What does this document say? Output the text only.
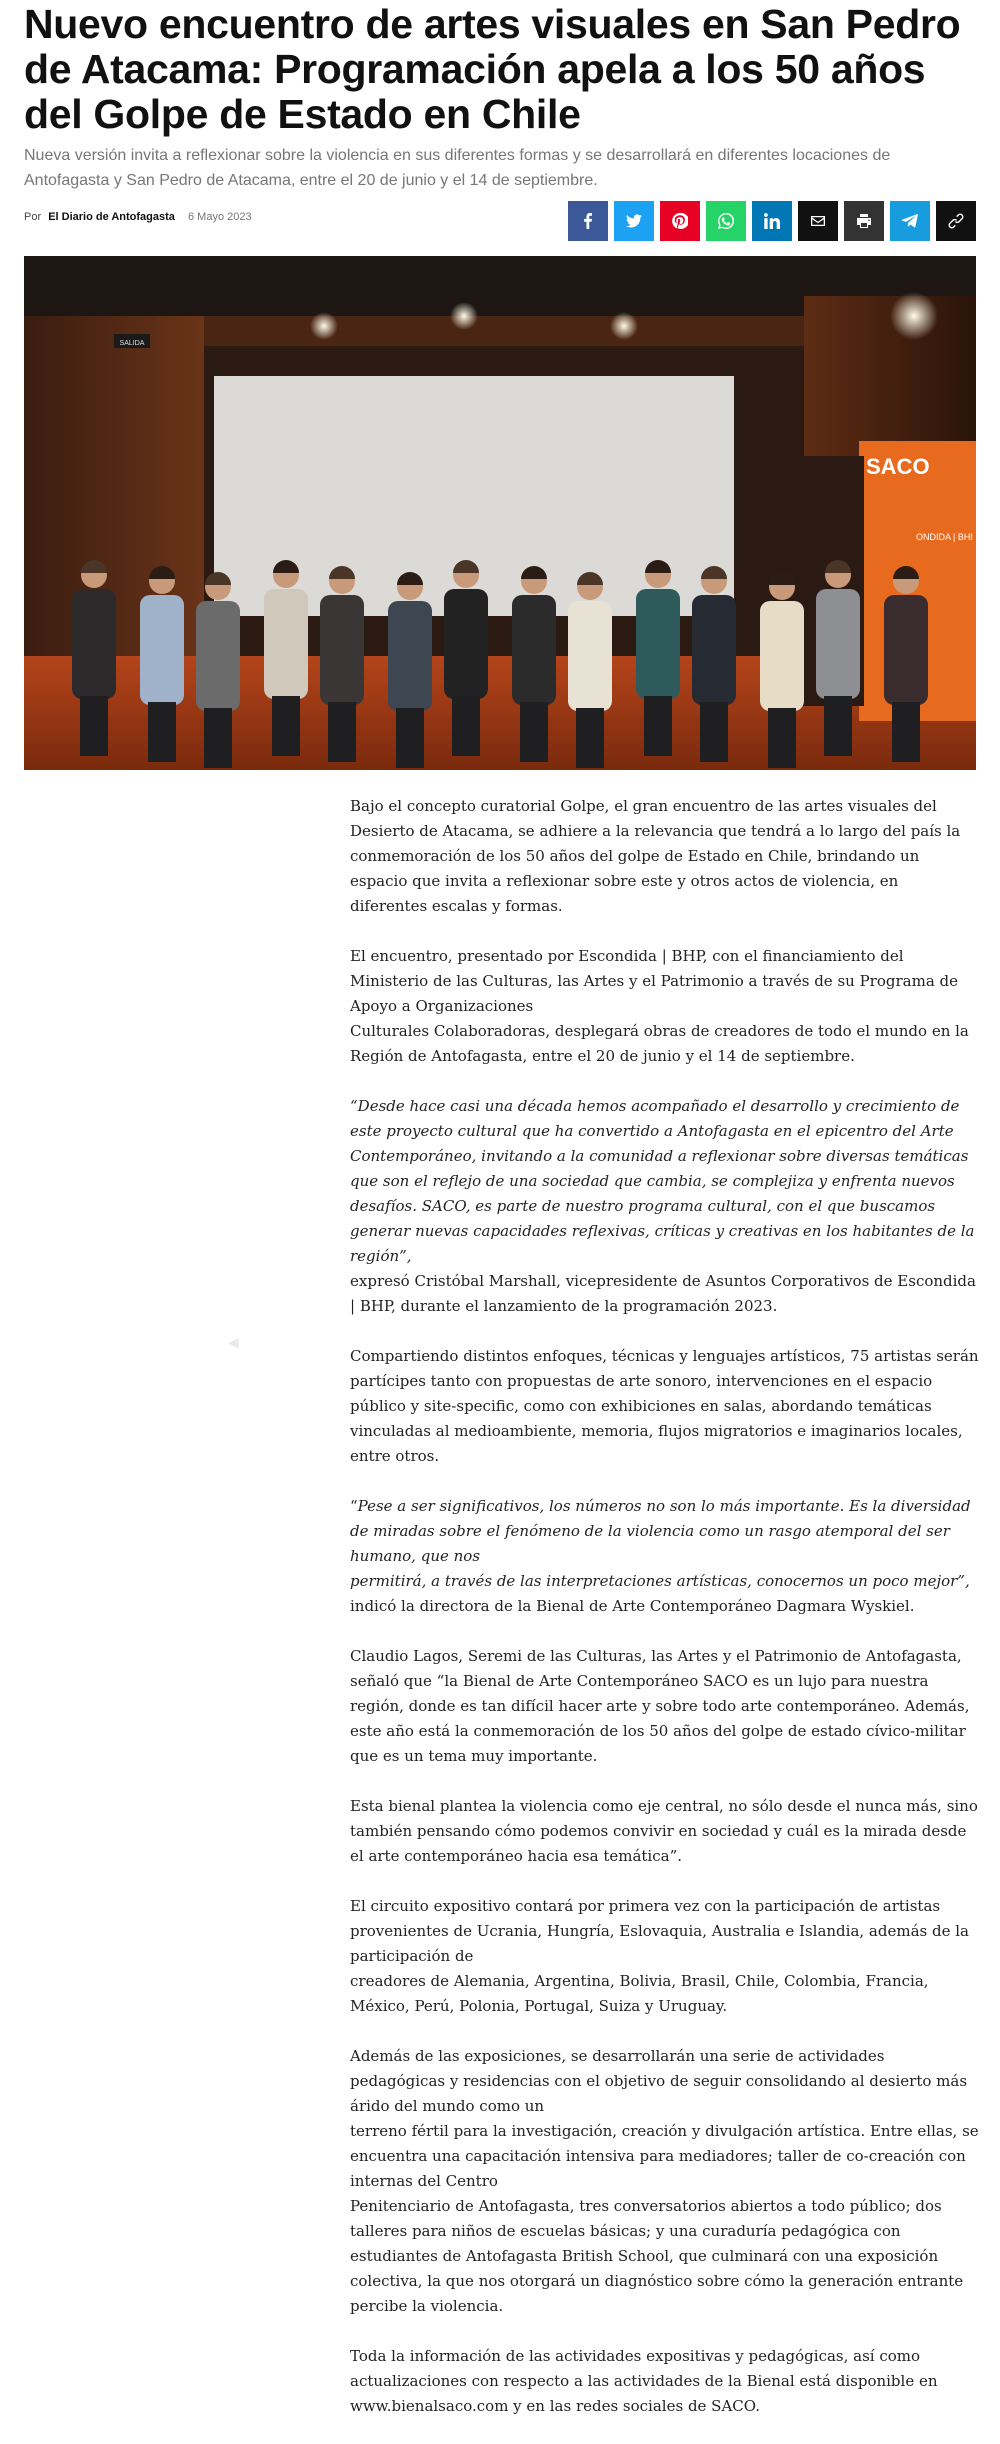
Nuevo encuentro de artes visuales en San Pedro de Atacama: Programación apela a los 50 años del Golpe de Estado en Chile

Nueva versión invita a reflexionar sobre la violencia en sus diferentes formas y se desarrollará en diferentes locaciones de Antofagasta y San Pedro de Atacama, entre el 20 de junio y el 14 de septiembre.

Por El Diario de Antofagasta 6 Mayo 2023
SALIDA
SACO
ONDIDA | BHI
◀

Bajo el concepto curatorial Golpe, el gran encuentro de las artes visuales del Desierto de Atacama, se adhiere a la relevancia que tendrá a lo largo del país la conmemoración de los 50 años del golpe de Estado en Chile, brindando un espacio que invita a reflexionar sobre este y otros actos de violencia, en diferentes escalas y formas.

El encuentro, presentado por Escondida | BHP, con el financiamiento del Ministerio de las Culturas, las Artes y el Patrimonio a través de su Programa de Apoyo a Organizaciones
Culturales Colaboradoras, desplegará obras de creadores de todo el mundo en la Región de Antofagasta, entre el 20 de junio y el 14 de septiembre.

“Desde hace casi una década hemos acompañado el desarrollo y crecimiento de este proyecto cultural que ha convertido a Antofagasta en el epicentro del Arte Contemporáneo, invitando a la comunidad a reflexionar sobre diversas temáticas que son el reflejo de una sociedad que cambia, se complejiza y enfrenta nuevos desafíos. SACO, es parte de nuestro programa cultural, con el que buscamos generar nuevas capacidades reflexivas, críticas y creativas en los habitantes de la región”,
expresó Cristóbal Marshall, vicepresidente de Asuntos Corporativos de Escondida | BHP, durante el lanzamiento de la programación 2023.

Compartiendo distintos enfoques, técnicas y lenguajes artísticos, 75 artistas serán partícipes tanto con propuestas de arte sonoro, intervenciones en el espacio público y site-specific, como con exhibiciones en salas, abordando temáticas vinculadas al medioambiente, memoria, flujos migratorios e imaginarios locales, entre otros.

“Pese a ser significativos, los números no son lo más importante. Es la diversidad de miradas sobre el fenómeno de la violencia como un rasgo atemporal del ser humano, que nos
permitirá, a través de las interpretaciones artísticas, conocernos un poco mejor”,
indicó la directora de la Bienal de Arte Contemporáneo Dagmara Wyskiel.

Claudio Lagos, Seremi de las Culturas, las Artes y el Patrimonio de Antofagasta, señaló que “la Bienal de Arte Contemporáneo SACO es un lujo para nuestra región, donde es tan difícil hacer arte y sobre todo arte contemporáneo. Además, este año está la conmemoración de los 50 años del golpe de estado cívico-militar que es un tema muy importante.

Esta bienal plantea la violencia como eje central, no sólo desde el nunca más, sino también pensando cómo podemos convivir en sociedad y cuál es la mirada desde el arte contemporáneo hacia esa temática”.

El circuito expositivo contará por primera vez con la participación de artistas provenientes de Ucrania, Hungría, Eslovaquia, Australia e Islandia, además de la participación de
creadores de Alemania, Argentina, Bolivia, Brasil, Chile, Colombia, Francia, México, Perú, Polonia, Portugal, Suiza y Uruguay.

Además de las exposiciones, se desarrollarán una serie de actividades pedagógicas y residencias con el objetivo de seguir consolidando al desierto más árido del mundo como un
terreno fértil para la investigación, creación y divulgación artística. Entre ellas, se encuentra una capacitación intensiva para mediadores; taller de co-creación con internas del Centro
Penitenciario de Antofagasta, tres conversatorios abiertos a todo público; dos talleres para niños de escuelas básicas; y una curaduría pedagógica con estudiantes de Antofagasta British School, que culminará con una exposición colectiva, la que nos otorgará un diagnóstico sobre cómo la generación entrante percibe la violencia.

Toda la información de las actividades expositivas y pedagógicas, así como actualizaciones con respecto a las actividades de la Bienal está disponible en www.bienalsaco.com y en las redes sociales de SACO.
